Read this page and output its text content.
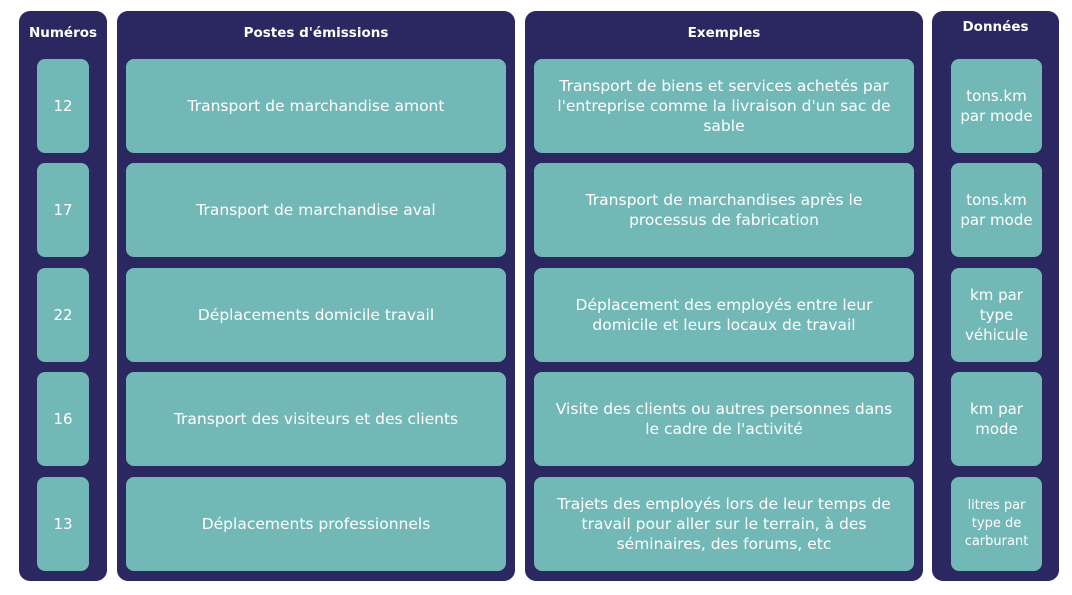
Numéros
12
17
22
16
13
Postes d'émissions
Transport de marchandise amont
Transport de marchandise aval
Déplacements domicile travail
Transport des visiteurs et des clients
Déplacements professionnels
Exemples
Transport de biens et services achetés par l'entreprise comme la livraison d'un sac de sable
Transport de marchandises après le processus de fabrication
Déplacement des employés entre leur domicile et leurs locaux de travail
Visite des clients ou autres personnes dans le cadre de l'activité
Trajets des employés lors de leur temps de travail pour aller sur le terrain, à des séminaires, des forums, etc
Données
tons.km par mode
tons.km par mode
km par type véhicule
km par mode
litres par type de carburant
